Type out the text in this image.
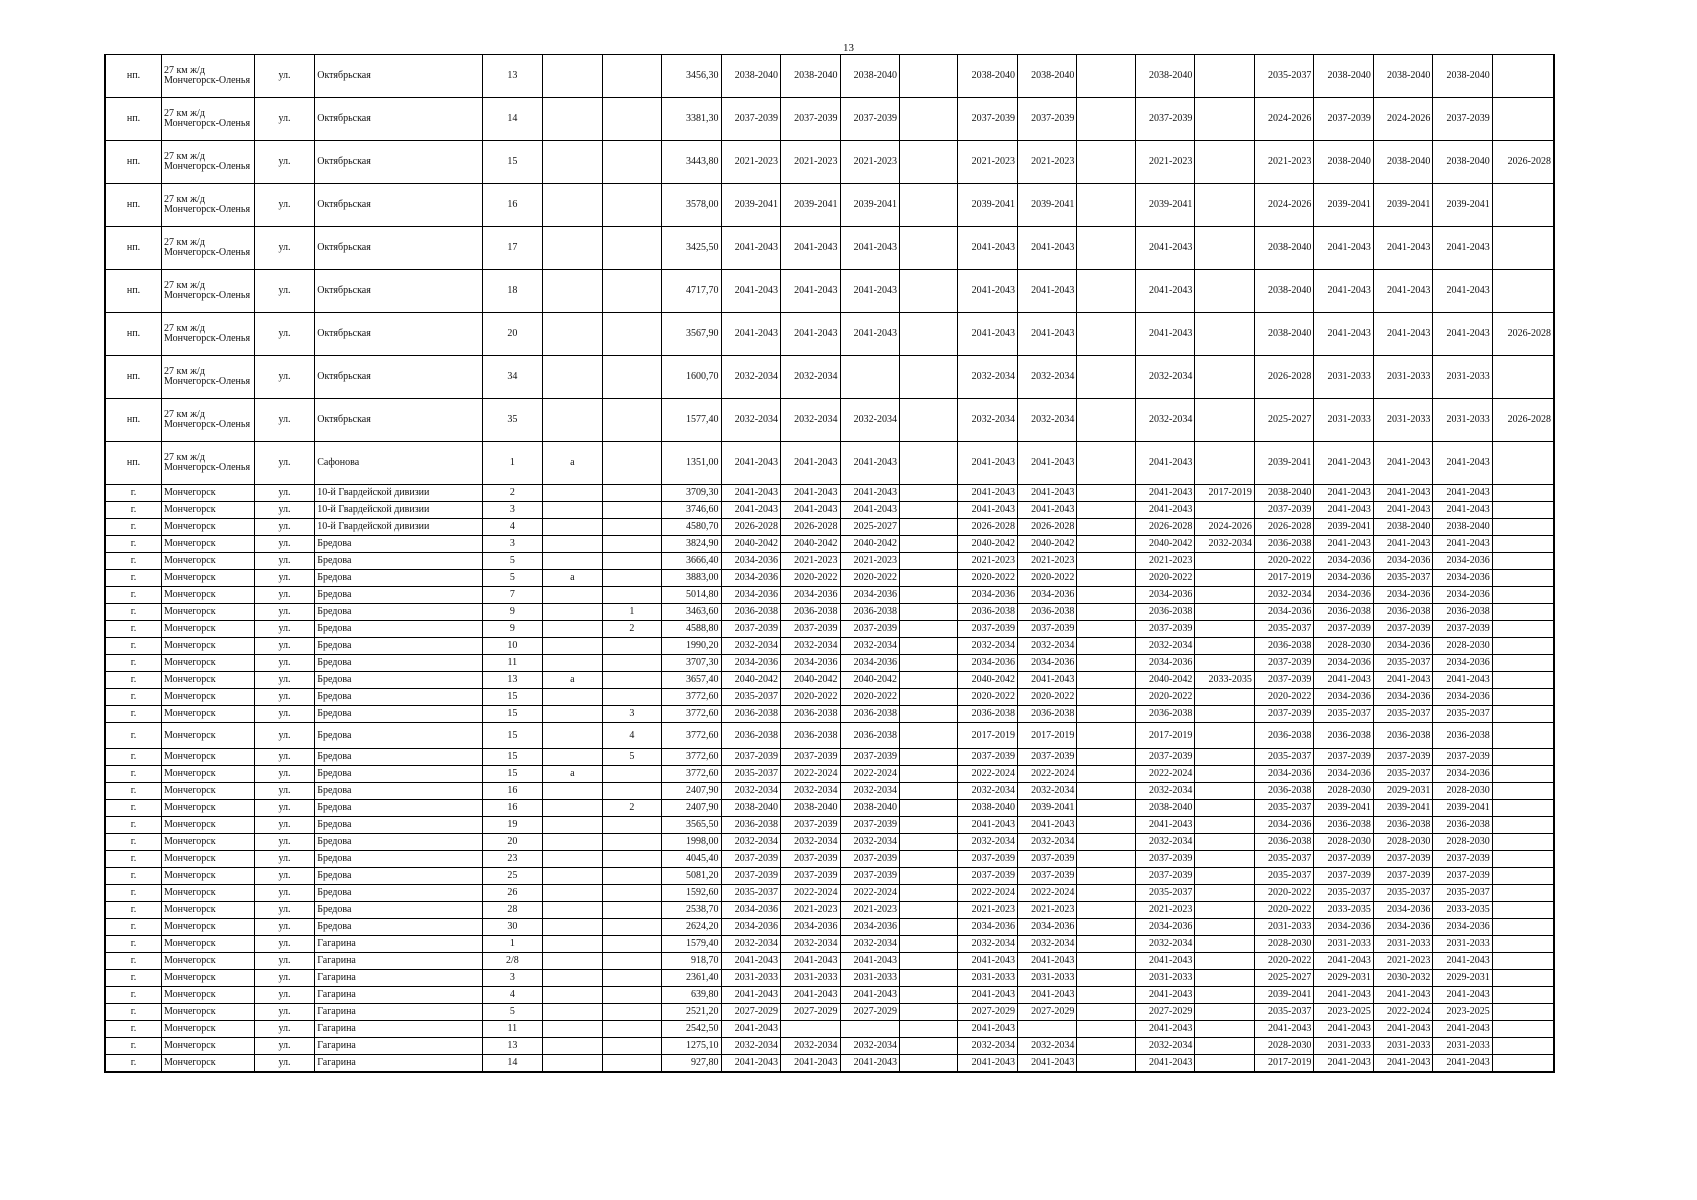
13
нп.	27 км ж/д Мончегорск-Оленья	ул.	Октябрьская	13			3456,30	2038-2040	2038-2040	2038-2040		2038-2040	2038-2040		2038-2040		2035-2037	2038-2040	2038-2040	2038-2040	
нп.	27 км ж/д Мончегорск-Оленья	ул.	Октябрьская	14			3381,30	2037-2039	2037-2039	2037-2039		2037-2039	2037-2039		2037-2039		2024-2026	2037-2039	2024-2026	2037-2039	
нп.	27 км ж/д Мончегорск-Оленья	ул.	Октябрьская	15			3443,80	2021-2023	2021-2023	2021-2023		2021-2023	2021-2023		2021-2023		2021-2023	2038-2040	2038-2040	2038-2040	2026-2028
нп.	27 км ж/д Мончегорск-Оленья	ул.	Октябрьская	16			3578,00	2039-2041	2039-2041	2039-2041		2039-2041	2039-2041		2039-2041		2024-2026	2039-2041	2039-2041	2039-2041	
нп.	27 км ж/д Мончегорск-Оленья	ул.	Октябрьская	17			3425,50	2041-2043	2041-2043	2041-2043		2041-2043	2041-2043		2041-2043		2038-2040	2041-2043	2041-2043	2041-2043	
нп.	27 км ж/д Мончегорск-Оленья	ул.	Октябрьская	18			4717,70	2041-2043	2041-2043	2041-2043		2041-2043	2041-2043		2041-2043		2038-2040	2041-2043	2041-2043	2041-2043	
нп.	27 км ж/д Мончегорск-Оленья	ул.	Октябрьская	20			3567,90	2041-2043	2041-2043	2041-2043		2041-2043	2041-2043		2041-2043		2038-2040	2041-2043	2041-2043	2041-2043	2026-2028
нп.	27 км ж/д Мончегорск-Оленья	ул.	Октябрьская	34			1600,70	2032-2034	2032-2034			2032-2034	2032-2034		2032-2034		2026-2028	2031-2033	2031-2033	2031-2033	
нп.	27 км ж/д Мончегорск-Оленья	ул.	Октябрьская	35			1577,40	2032-2034	2032-2034	2032-2034		2032-2034	2032-2034		2032-2034		2025-2027	2031-2033	2031-2033	2031-2033	2026-2028
нп.	27 км ж/д Мончегорск-Оленья	ул.	Сафонова	1	а		1351,00	2041-2043	2041-2043	2041-2043		2041-2043	2041-2043		2041-2043		2039-2041	2041-2043	2041-2043	2041-2043	
г.	Мончегорск	ул.	10-й Гвардейской дивизии	2			3709,30	2041-2043	2041-2043	2041-2043		2041-2043	2041-2043		2041-2043	2017-2019	2038-2040	2041-2043	2041-2043	2041-2043	
г.	Мончегорск	ул.	10-й Гвардейской дивизии	3			3746,60	2041-2043	2041-2043	2041-2043		2041-2043	2041-2043		2041-2043		2037-2039	2041-2043	2041-2043	2041-2043	
г.	Мончегорск	ул.	10-й Гвардейской дивизии	4			4580,70	2026-2028	2026-2028	2025-2027		2026-2028	2026-2028		2026-2028	2024-2026	2026-2028	2039-2041	2038-2040	2038-2040	
г.	Мончегорск	ул.	Бредова	3			3824,90	2040-2042	2040-2042	2040-2042		2040-2042	2040-2042		2040-2042	2032-2034	2036-2038	2041-2043	2041-2043	2041-2043	
г.	Мончегорск	ул.	Бредова	5			3666,40	2034-2036	2021-2023	2021-2023		2021-2023	2021-2023		2021-2023		2020-2022	2034-2036	2034-2036	2034-2036	
г.	Мончегорск	ул.	Бредова	5	а		3883,00	2034-2036	2020-2022	2020-2022		2020-2022	2020-2022		2020-2022		2017-2019	2034-2036	2035-2037	2034-2036	
г.	Мончегорск	ул.	Бредова	7			5014,80	2034-2036	2034-2036	2034-2036		2034-2036	2034-2036		2034-2036		2032-2034	2034-2036	2034-2036	2034-2036	
г.	Мончегорск	ул.	Бредова	9		1	3463,60	2036-2038	2036-2038	2036-2038		2036-2038	2036-2038		2036-2038		2034-2036	2036-2038	2036-2038	2036-2038	
г.	Мончегорск	ул.	Бредова	9		2	4588,80	2037-2039	2037-2039	2037-2039		2037-2039	2037-2039		2037-2039		2035-2037	2037-2039	2037-2039	2037-2039	
г.	Мончегорск	ул.	Бредова	10			1990,20	2032-2034	2032-2034	2032-2034		2032-2034	2032-2034		2032-2034		2036-2038	2028-2030	2034-2036	2028-2030	
г.	Мончегорск	ул.	Бредова	11			3707,30	2034-2036	2034-2036	2034-2036		2034-2036	2034-2036		2034-2036		2037-2039	2034-2036	2035-2037	2034-2036	
г.	Мончегорск	ул.	Бредова	13	а		3657,40	2040-2042	2040-2042	2040-2042		2040-2042	2041-2043		2040-2042	2033-2035	2037-2039	2041-2043	2041-2043	2041-2043	
г.	Мончегорск	ул.	Бредова	15			3772,60	2035-2037	2020-2022	2020-2022		2020-2022	2020-2022		2020-2022		2020-2022	2034-2036	2034-2036	2034-2036	
г.	Мончегорск	ул.	Бредова	15		3	3772,60	2036-2038	2036-2038	2036-2038		2036-2038	2036-2038		2036-2038		2037-2039	2035-2037	2035-2037	2035-2037	
г.	Мончегорск	ул.	Бредова	15		4	3772,60	2036-2038	2036-2038	2036-2038		2017-2019	2017-2019		2017-2019		2036-2038	2036-2038	2036-2038	2036-2038	
г.	Мончегорск	ул.	Бредова	15		5	3772,60	2037-2039	2037-2039	2037-2039		2037-2039	2037-2039		2037-2039		2035-2037	2037-2039	2037-2039	2037-2039	
г.	Мончегорск	ул.	Бредова	15	а		3772,60	2035-2037	2022-2024	2022-2024		2022-2024	2022-2024		2022-2024		2034-2036	2034-2036	2035-2037	2034-2036	
г.	Мончегорск	ул.	Бредова	16			2407,90	2032-2034	2032-2034	2032-2034		2032-2034	2032-2034		2032-2034		2036-2038	2028-2030	2029-2031	2028-2030	
г.	Мончегорск	ул.	Бредова	16		2	2407,90	2038-2040	2038-2040	2038-2040		2038-2040	2039-2041		2038-2040		2035-2037	2039-2041	2039-2041	2039-2041	
г.	Мончегорск	ул.	Бредова	19			3565,50	2036-2038	2037-2039	2037-2039		2041-2043	2041-2043		2041-2043		2034-2036	2036-2038	2036-2038	2036-2038	
г.	Мончегорск	ул.	Бредова	20			1998,00	2032-2034	2032-2034	2032-2034		2032-2034	2032-2034		2032-2034		2036-2038	2028-2030	2028-2030	2028-2030	
г.	Мончегорск	ул.	Бредова	23			4045,40	2037-2039	2037-2039	2037-2039		2037-2039	2037-2039		2037-2039		2035-2037	2037-2039	2037-2039	2037-2039	
г.	Мончегорск	ул.	Бредова	25			5081,20	2037-2039	2037-2039	2037-2039		2037-2039	2037-2039		2037-2039		2035-2037	2037-2039	2037-2039	2037-2039	
г.	Мончегорск	ул.	Бредова	26			1592,60	2035-2037	2022-2024	2022-2024		2022-2024	2022-2024		2035-2037		2020-2022	2035-2037	2035-2037	2035-2037	
г.	Мончегорск	ул.	Бредова	28			2538,70	2034-2036	2021-2023	2021-2023		2021-2023	2021-2023		2021-2023		2020-2022	2033-2035	2034-2036	2033-2035	
г.	Мончегорск	ул.	Бредова	30			2624,20	2034-2036	2034-2036	2034-2036		2034-2036	2034-2036		2034-2036		2031-2033	2034-2036	2034-2036	2034-2036	
г.	Мончегорск	ул.	Гагарина	1			1579,40	2032-2034	2032-2034	2032-2034		2032-2034	2032-2034		2032-2034		2028-2030	2031-2033	2031-2033	2031-2033	
г.	Мончегорск	ул.	Гагарина	2/8			918,70	2041-2043	2041-2043	2041-2043		2041-2043	2041-2043		2041-2043		2020-2022	2041-2043	2021-2023	2041-2043	
г.	Мончегорск	ул.	Гагарина	3			2361,40	2031-2033	2031-2033	2031-2033		2031-2033	2031-2033		2031-2033		2025-2027	2029-2031	2030-2032	2029-2031	
г.	Мончегорск	ул.	Гагарина	4			639,80	2041-2043	2041-2043	2041-2043		2041-2043	2041-2043		2041-2043		2039-2041	2041-2043	2041-2043	2041-2043	
г.	Мончегорск	ул.	Гагарина	5			2521,20	2027-2029	2027-2029	2027-2029		2027-2029	2027-2029		2027-2029		2035-2037	2023-2025	2022-2024	2023-2025	
г.	Мончегорск	ул.	Гагарина	11			2542,50	2041-2043				2041-2043			2041-2043		2041-2043	2041-2043	2041-2043	2041-2043	
г.	Мончегорск	ул.	Гагарина	13			1275,10	2032-2034	2032-2034	2032-2034		2032-2034	2032-2034		2032-2034		2028-2030	2031-2033	2031-2033	2031-2033	
г.	Мончегорск	ул.	Гагарина	14			927,80	2041-2043	2041-2043	2041-2043		2041-2043	2041-2043		2041-2043		2017-2019	2041-2043	2041-2043	2041-2043	
